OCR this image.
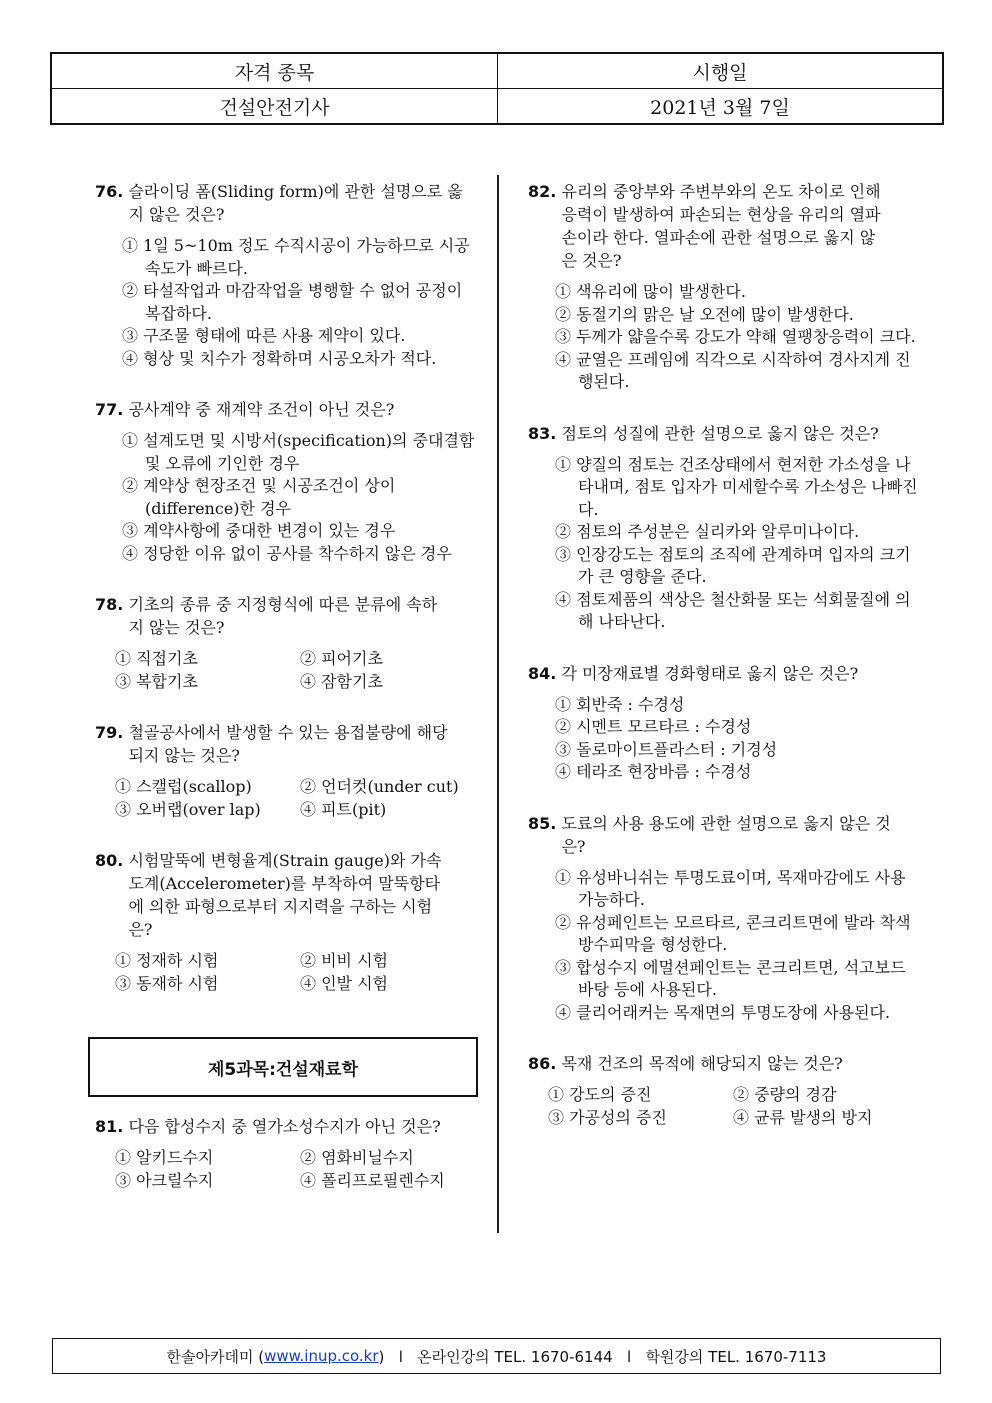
자격 종목	시행일
건설안전기사	2021년 3월 7일

76. 슬라이딩 폼(Sliding form)에 관한 설명으로 옳지 않은 것은?

① 1일 5~10m 정도 수직시공이 가능하므로 시공속도가 빠르다.
② 타설작업과 마감작업을 병행할 수 없어 공정이 복잡하다.
③ 구조물 형태에 따른 사용 제약이 있다.
④ 형상 및 치수가 정확하며 시공오차가 적다.

77. 공사계약 중 재계약 조건이 아닌 것은?

① 설계도면 및 시방서(specification)의 중대결함 및 오류에 기인한 경우
② 계약상 현장조건 및 시공조건이 상이(difference)한 경우
③ 계약사항에 중대한 변경이 있는 경우
④ 정당한 이유 없이 공사를 착수하지 않은 경우

78. 기초의 종류 중 지정형식에 따른 분류에 속하지 않는 것은?

① 직접기초	② 피어기초
③ 복합기초	④ 잠함기초

79. 철골공사에서 발생할 수 있는 용접불량에 해당되지 않는 것은?

① 스캘럽(scallop)	② 언더컷(under cut)
③ 오버랩(over lap)	④ 피트(pit)

80. 시험말뚝에 변형율계(Strain gauge)와 가속도계(Accelerometer)를 부착하여 말뚝항타에 의한 파형으로부터 지지력을 구하는 시험은?

① 정재하 시험	② 비비 시험
③ 동재하 시험	④ 인발 시험
제5과목:건설재료학

81. 다음 합성수지 중 열가소성수지가 아닌 것은?

① 알키드수지	② 염화비닐수지
③ 아크릴수지	④ 폴리프로필렌수지

82. 유리의 중앙부와 주변부와의 온도 차이로 인해 응력이 발생하여 파손되는 현상을 유리의 열파손이라 한다. 열파손에 관한 설명으로 옳지 않은 것은?

① 색유리에 많이 발생한다.
② 동절기의 맑은 날 오전에 많이 발생한다.
③ 두께가 얇을수록 강도가 약해 열팽창응력이 크다.
④ 균열은 프레임에 직각으로 시작하여 경사지게 진행된다.

83. 점토의 성질에 관한 설명으로 옳지 않은 것은?

① 양질의 점토는 건조상태에서 현저한 가소성을 나타내며, 점토 입자가 미세할수록 가소성은 나빠진다.
② 점토의 주성분은 실리카와 알루미나이다.
③ 인장강도는 점토의 조직에 관계하며 입자의 크기가 큰 영향을 준다.
④ 점토제품의 색상은 철산화물 또는 석회물질에 의해 나타난다.

84. 각 미장재료별 경화형태로 옳지 않은 것은?

① 회반죽 : 수경성
② 시멘트 모르타르 : 수경성
③ 돌로마이트플라스터 : 기경성
④ 테라조 현장바름 : 수경성

85. 도료의 사용 용도에 관한 설명으로 옳지 않은 것은?

① 유성바니쉬는 투명도료이며, 목재마감에도 사용가능하다.
② 유성페인트는 모르타르, 콘크리트면에 발라 착색방수피막을 형성한다.
③ 합성수지 에멀션페인트는 콘크리트면, 석고보드 바탕 등에 사용된다.
④ 클리어래커는 목재면의 투명도장에 사용된다.

86. 목재 건조의 목적에 해당되지 않는 것은?

① 강도의 증진	② 중량의 경감
③ 가공성의 증진	④ 균류 발생의 방지
한솔아카데미 ( www.inup.co.kr )   l   온라인강의 TEL. 1670-6144   l   학원강의 TEL. 1670-7113
